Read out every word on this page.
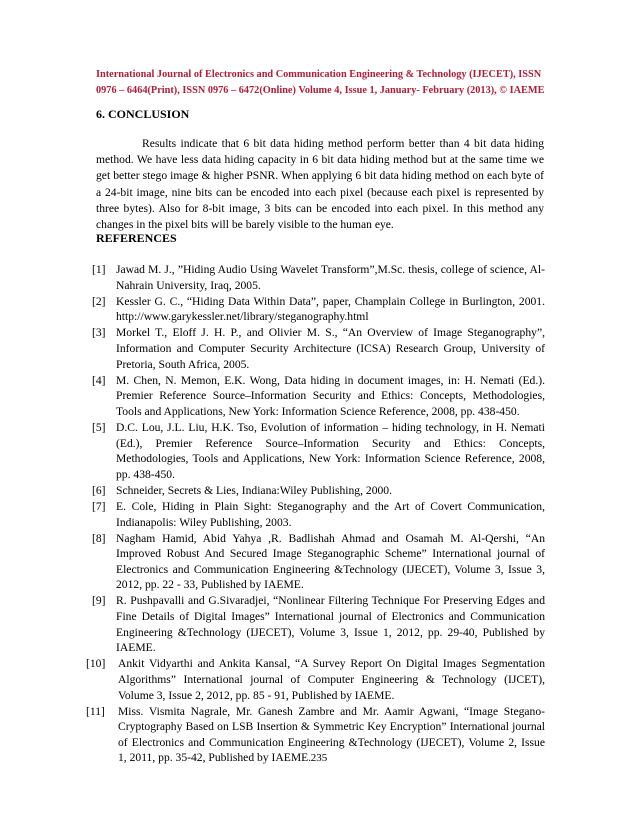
International Journal of Electronics and Communication Engineering & Technology (IJECET), ISSN
0976 – 6464(Print), ISSN 0976 – 6472(Online) Volume 4, Issue 1, January- February (2013), © IAEME
6. CONCLUSION

Results indicate that 6 bit data hiding method perform better than 4 bit data hiding method. We have less data hiding capacity in 6 bit data hiding method but at the same time we get better stego image & higher PSNR. When applying 6 bit data hiding method on each byte of a 24-bit image, nine bits can be encoded into each pixel (because each pixel is represented by three bytes). Also for 8-bit image, 3 bits can be encoded into each pixel. In this method any changes in the pixel bits will be barely visible to the human eye.

REFERENCES
[1] Jawad M. J., ”Hiding Audio Using Wavelet Transform”,M.Sc. thesis, college of science, Al-Nahrain University, Iraq, 2005.
[2] Kessler G. C., “Hiding Data Within Data”, paper, Champlain College in Burlington, 2001. http://www.garykessler.net/library/steganography.html
[3] Morkel T., Eloff J. H. P., and Olivier M. S., “An Overview of Image Steganography”, Information and Computer Security Architecture (ICSA) Research Group, University of Pretoria, South Africa, 2005.
[4] M. Chen, N. Memon, E.K. Wong, Data hiding in document images, in: H. Nemati (Ed.). Premier Reference Source–Information Security and Ethics: Concepts, Methodologies, Tools and Applications, New York: Information Science Reference, 2008, pp. 438-450.
[5] D.C. Lou, J.L. Liu, H.K. Tso, Evolution of information – hiding technology, in H. Nemati (Ed.), Premier Reference Source–Information Security and Ethics: Concepts, Methodologies, Tools and Applications, New York: Information Science Reference, 2008, pp. 438-450.
[6] Schneider, Secrets & Lies, Indiana:Wiley Publishing, 2000.
[7] E. Cole, Hiding in Plain Sight: Steganography and the Art of Covert Communication, Indianapolis: Wiley Publishing, 2003.
[8] Nagham Hamid, Abid Yahya ,R. Badlishah Ahmad and Osamah M. Al-Qershi, “An Improved Robust And Secured Image Steganographic Scheme” International journal of Electronics and Communication Engineering &Technology (IJECET), Volume 3, Issue 3, 2012, pp. 22 - 33, Published by IAEME.
[9] R. Pushpavalli and G.Sivaradjei, “Nonlinear Filtering Technique For Preserving Edges and Fine Details of Digital Images” International journal of Electronics and Communication Engineering &Technology (IJECET), Volume 3, Issue 1, 2012, pp. 29-40, Published by IAEME.
[10] Ankit Vidyarthi and Ankita Kansal, “A Survey Report On Digital Images Segmentation Algorithms” International journal of Computer Engineering & Technology (IJCET), Volume 3, Issue 2, 2012, pp. 85 - 91, Published by IAEME.
[11] Miss. Vismita Nagrale, Mr. Ganesh Zambre and Mr. Aamir Agwani, “Image Stegano-Cryptography Based on LSB Insertion & Symmetric Key Encryption” International journal of Electronics and Communication Engineering &Technology (IJECET), Volume 2, Issue 1, 2011, pp. 35-42, Published by IAEME. 235
